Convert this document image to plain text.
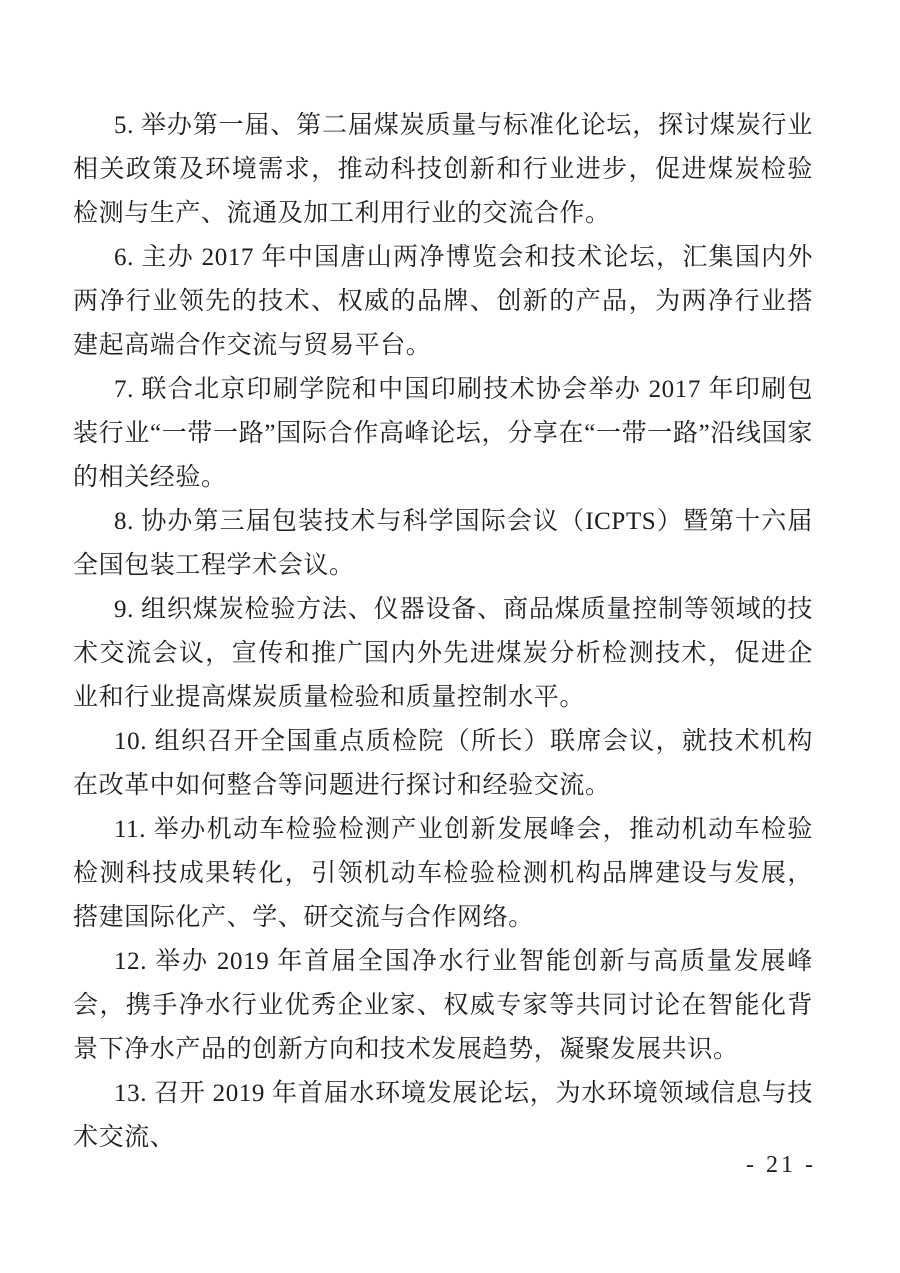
5. 举办第一届、第二届煤炭质量与标准化论坛，探讨煤炭行业相关政策及环境需求，推动科技创新和行业进步，促进煤炭检验检测与生产、流通及加工利用行业的交流合作。

6. 主办 2017 年中国唐山两净博览会和技术论坛，汇集国内外两净行业领先的技术、权威的品牌、创新的产品，为两净行业搭建起高端合作交流与贸易平台。

7. 联合北京印刷学院和中国印刷技术协会举办 2017 年印刷包装行业“一带一路”国际合作高峰论坛，分享在“一带一路”沿线国家的相关经验。

8. 协办第三届包装技术与科学国际会议（ICPTS）暨第十六届全国包装工程学术会议。

9. 组织煤炭检验方法、仪器设备、商品煤质量控制等领域的技术交流会议，宣传和推广国内外先进煤炭分析检测技术，促进企业和行业提高煤炭质量检验和质量控制水平。

10. 组织召开全国重点质检院（所长）联席会议，就技术机构在改革中如何整合等问题进行探讨和经验交流。

11. 举办机动车检验检测产业创新发展峰会，推动机动车检验检测科技成果转化，引领机动车检验检测机构品牌建设与发展，搭建国际化产、学、研交流与合作网络。

12. 举办 2019 年首届全国净水行业智能创新与高质量发展峰会，携手净水行业优秀企业家、权威专家等共同讨论在智能化背景下净水产品的创新方向和技术发展趋势，凝聚发展共识。

13. 召开 2019 年首届水环境发展论坛，为水环境领域信息与技术交流、

- 21 -
